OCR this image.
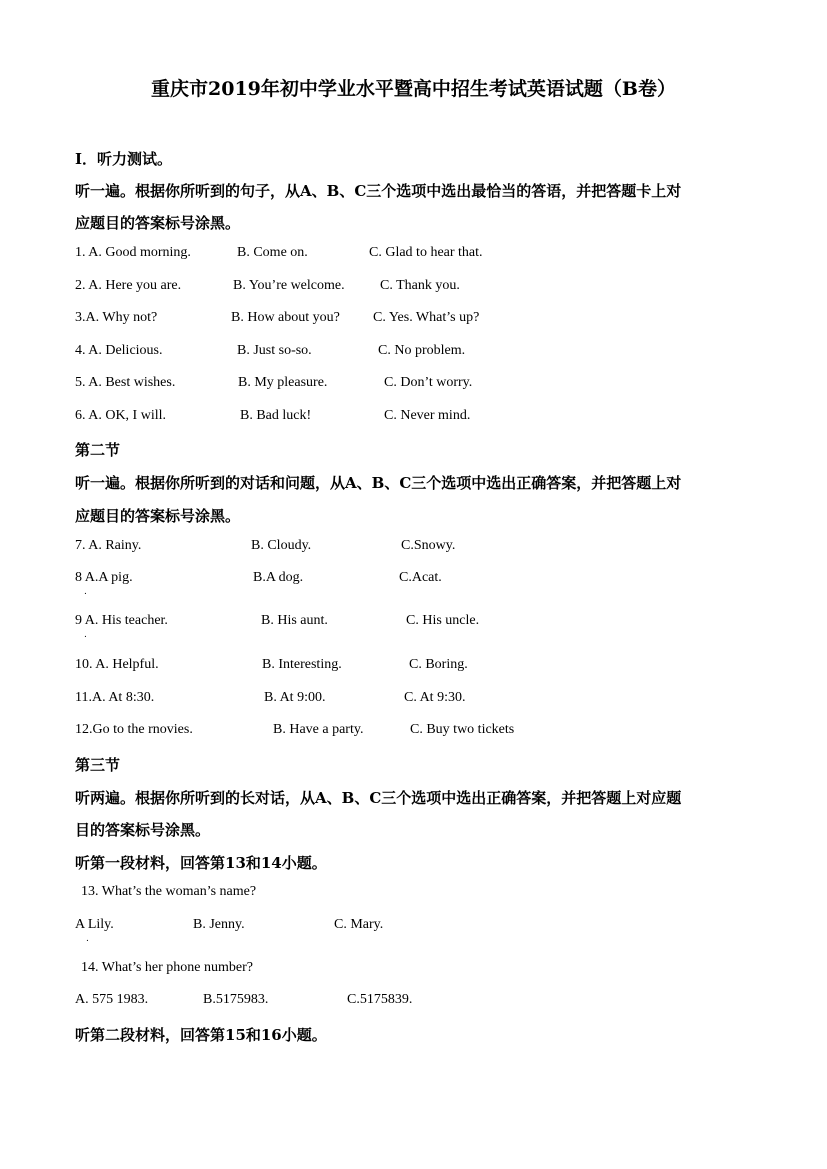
重庆市2019年初中学业水平暨高中招生考试英语试题（B卷）
I．听力测试。
听一遍。根据你所听到的句子，从A、B、C三个选项中选出最恰当的答语，并把答题卡上对
应题目的答案标号涂黑。
1. A. Good morning.	B. Come on.	C. Glad to hear that.
2. A. Here you are.	B. You’re welcome.	C. Thank you.
3.A. Why not?	B. How about you? C. Yes. What’s up?
4. A. Delicious.	B. Just so-so.	C. No problem.
5. A. Best wishes.	B. My pleasure.	C. Don’t worry.
6. A. OK, I will.	B. Bad luck!	C. Never mind.
第二节
听一遍。根据你所听到的对话和问题，从A、B、C三个选项中选出正确答案，并把答题上对
应题目的答案标号涂黑。
7. A. Rainy.	B. Cloudy.	C.Snowy.
8 A.A pig.	B.A dog.	C.Acat.
.
9 A. His teacher.	B. His aunt.	C. His uncle.
.
10. A. Helpful.	B. Interesting.	C. Boring.
11.A. At 8:30.	B. At 9:00.	C. At 9:30.
12.Go to the rnovies.	B. Have a party.	C. Buy two tickets
第三节
听两遍。根据你所听到的长对话，从A、B、C三个选项中选出正确答案，并把答题上对应题
目的答案标号涂黑。
听第一段材料，回答第13和14小题。
13. What’s the woman’s name?
A Lily.	B. Jenny.	C. Mary.
.
14. What’s her phone number?
A. 575 1983.	B.5175983.	C.5175839.
听第二段材料，回答第15和16小题。
